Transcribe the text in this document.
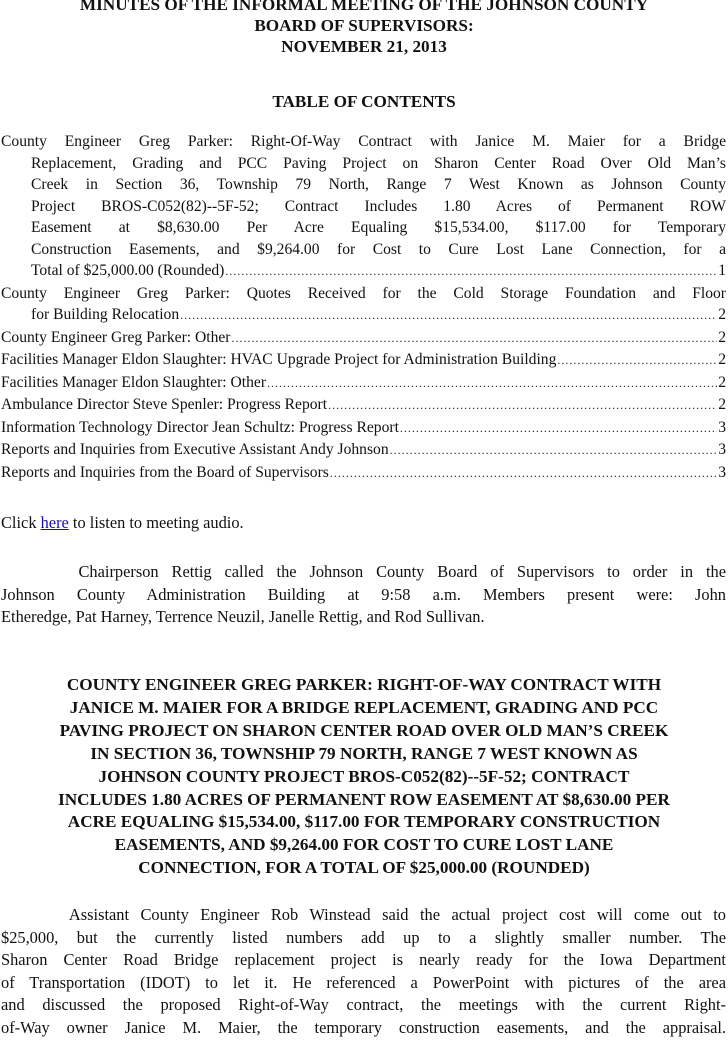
MINUTES OF THE INFORMAL MEETING OF THE JOHNSON COUNTY
BOARD OF SUPERVISORS:
NOVEMBER 21, 2013
TABLE OF CONTENTS
County Engineer Greg Parker: Right-Of-Way Contract with Janice M. Maier for a Bridge
Replacement, Grading and PCC Paving Project on Sharon Center Road Over Old Man’s
Creek in Section 36, Township 79 North, Range 7 West Known as Johnson County
Project BROS-C052(82)--5F-52; Contract Includes 1.80 Acres of Permanent ROW
Easement at $8,630.00 Per Acre Equaling $15,534.00, $117.00 for Temporary
Construction Easements, and $9,264.00 for Cost to Cure Lost Lane Connection, for a
Total of $25,000.00 (Rounded) .....	1
County Engineer Greg Parker: Quotes Received for the Cold Storage Foundation and Floor
for Building Relocation .....	2
County Engineer Greg Parker: Other .....	2
Facilities Manager Eldon Slaughter: HVAC Upgrade Project for Administration Building .....	2
Facilities Manager Eldon Slaughter: Other .....	2
Ambulance Director Steve Spenler: Progress Report .....	2
Information Technology Director Jean Schultz: Progress Report .....	3
Reports and Inquiries from Executive Assistant Andy Johnson .....	3
Reports and Inquiries from the Board of Supervisors .....	3
Click here to listen to meeting audio.
Chairperson Rettig called the Johnson County Board of Supervisors to order in the
Johnson County Administration Building at 9:58 a.m. Members present were: John
Etheredge, Pat Harney, Terrence Neuzil, Janelle Rettig, and Rod Sullivan.
COUNTY ENGINEER GREG PARKER: RIGHT-OF-WAY CONTRACT WITH
JANICE M. MAIER FOR A BRIDGE REPLACEMENT, GRADING AND PCC
PAVING PROJECT ON SHARON CENTER ROAD OVER OLD MAN’S CREEK
IN SECTION 36, TOWNSHIP 79 NORTH, RANGE 7 WEST KNOWN AS
JOHNSON COUNTY PROJECT BROS-C052(82)--5F-52; CONTRACT
INCLUDES 1.80 ACRES OF PERMANENT ROW EASEMENT AT $8,630.00 PER
ACRE EQUALING $15,534.00, $117.00 FOR TEMPORARY CONSTRUCTION
EASEMENTS, AND $9,264.00 FOR COST TO CURE LOST LANE
CONNECTION, FOR A TOTAL OF $25,000.00 (ROUNDED)
Assistant County Engineer Rob Winstead said the actual project cost will come out to
$25,000, but the currently listed numbers add up to a slightly smaller number. The
Sharon Center Road Bridge replacement project is nearly ready for the Iowa Department
of Transportation (IDOT) to let it. He referenced a PowerPoint with pictures of the area
and discussed the proposed Right-of-Way contract, the meetings with the current Right-
of-Way owner Janice M. Maier, the temporary construction easements, and the appraisal.
